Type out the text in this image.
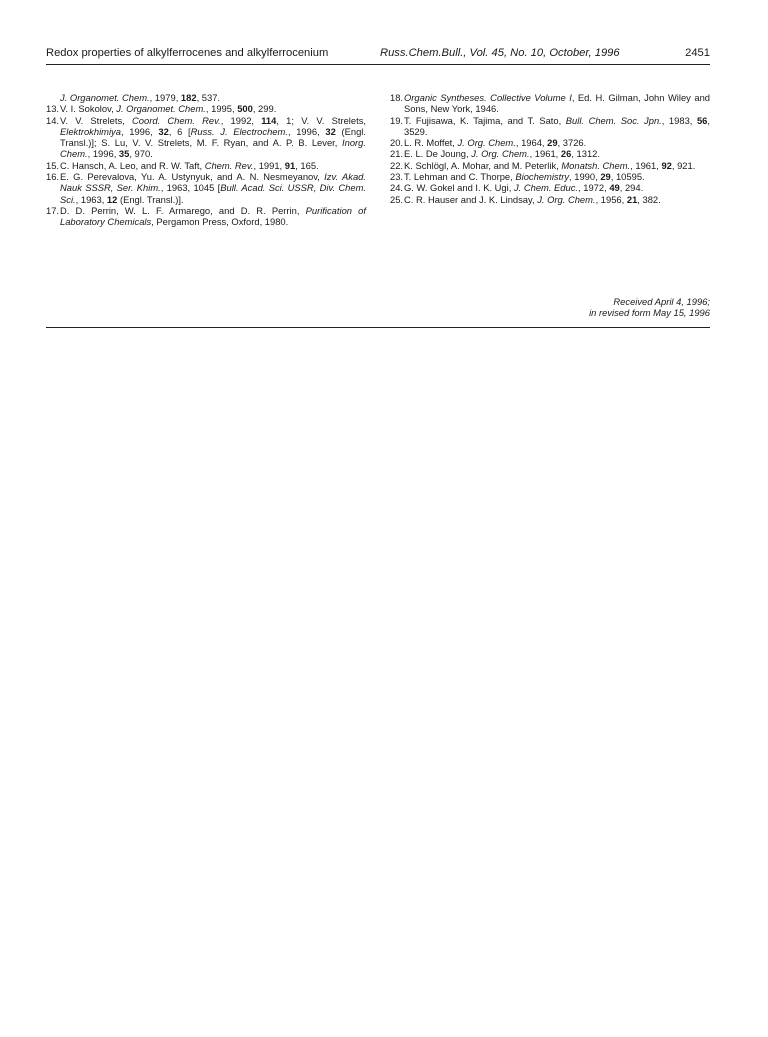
Redox properties of alkylferrocenes and alkylferrocenium	Russ.Chem.Bull., Vol. 45, No. 10, October, 1996	2451

J. Organomet. Chem., 1979, 182, 537.

13. V. I. Sokolov, J. Organomet. Chem., 1995, 500, 299.

14. V. V. Strelets, Coord. Chem. Rev., 1992, 114, 1; V. V. Strelets, Elektrokhimiya, 1996, 32, 6 [Russ. J. Electrochem., 1996, 32 (Engl. Transl.)]; S. Lu, V. V. Strelets, M. F. Ryan, and A. P. B. Lever, Inorg. Chem., 1996, 35, 970.

15. C. Hansch, A. Leo, and R. W. Taft, Chem. Rev., 1991, 91, 165.

16. E. G. Perevalova, Yu. A. Ustynyuk, and A. N. Nesmeyanov, Izv. Akad. Nauk SSSR, Ser. Khim., 1963, 1045 [Bull. Acad. Sci. USSR, Div. Chem. Sci., 1963, 12 (Engl. Transl.)].

17. D. D. Perrin, W. L. F. Armarego, and D. R. Perrin, Purification of Laboratory Chemicals, Pergamon Press, Oxford, 1980.

18. Organic Syntheses. Collective Volume I, Ed. H. Gilman, John Wiley and Sons, New York, 1946.

19. T. Fujisawa, K. Tajima, and T. Sato, Bull. Chem. Soc. Jpn., 1983, 56, 3529.

20. L. R. Moffet, J. Org. Chem., 1964, 29, 3726.

21. E. L. De Joung, J. Org. Chem., 1961, 26, 1312.

22. K. Schlögl, A. Mohar, and M. Peterlik, Monatsh. Chem., 1961, 92, 921.

23. T. Lehman and C. Thorpe, Biochemistry, 1990, 29, 10595.

24. G. W. Gokel and I. K. Ugi, J. Chem. Educ., 1972, 49, 294.

25. C. R. Hauser and J. K. Lindsay, J. Org. Chem., 1956, 21, 382.

Received April 4, 1996;
in revised form May 15, 1996
